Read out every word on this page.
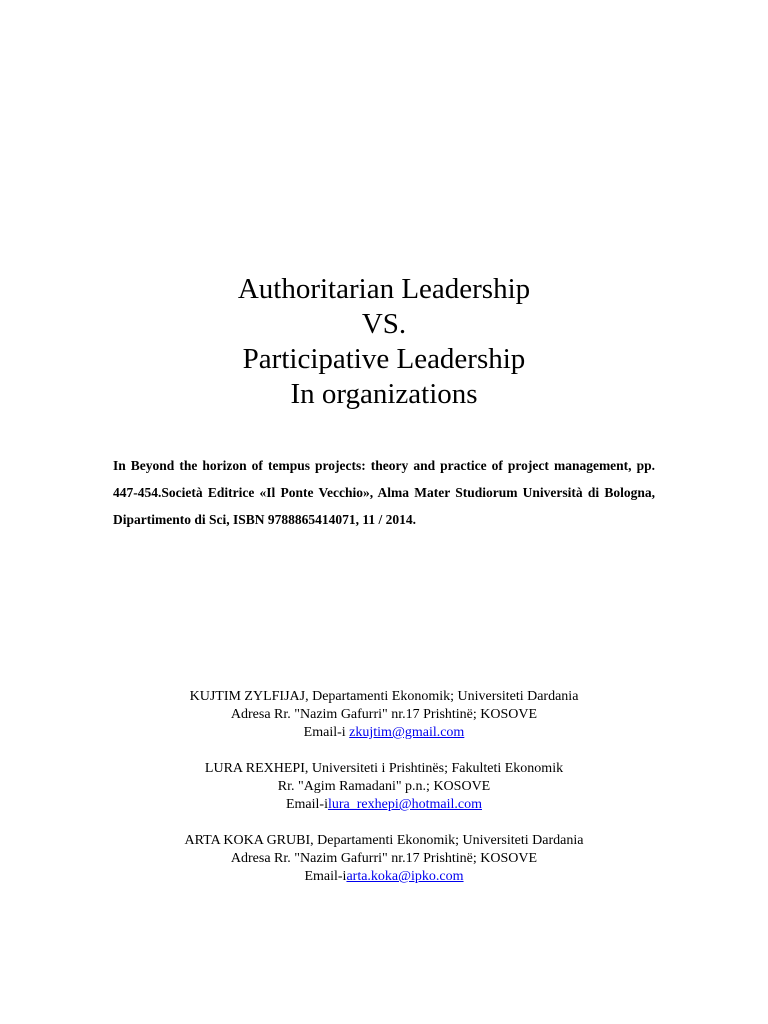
Authoritarian Leadership
VS.
Participative Leadership
In organizations
In Beyond the horizon of tempus projects: theory and practice of project management, pp. 447-454.Società Editrice «Il Ponte Vecchio», Alma Mater Studiorum Università di Bologna, Dipartimento di Sci, ISBN 9788865414071, 11 / 2014.
KUJTIM ZYLFIJAJ, Departamenti Ekonomik; Universiteti Dardania
Adresa Rr. "Nazim Gafurri" nr.17 Prishtinë; KOSOVE
Email-i zkujtim@gmail.com
LURA REXHEPI, Universiteti i Prishtinës; Fakulteti Ekonomik
Rr. "Agim Ramadani" p.n.; KOSOVE
Email-ilura_rexhepi@hotmail.com
ARTA KOKA GRUBI, Departamenti Ekonomik; Universiteti Dardania
Adresa Rr. "Nazim Gafurri" nr.17 Prishtinë; KOSOVE
Email-iarta.koka@ipko.com
